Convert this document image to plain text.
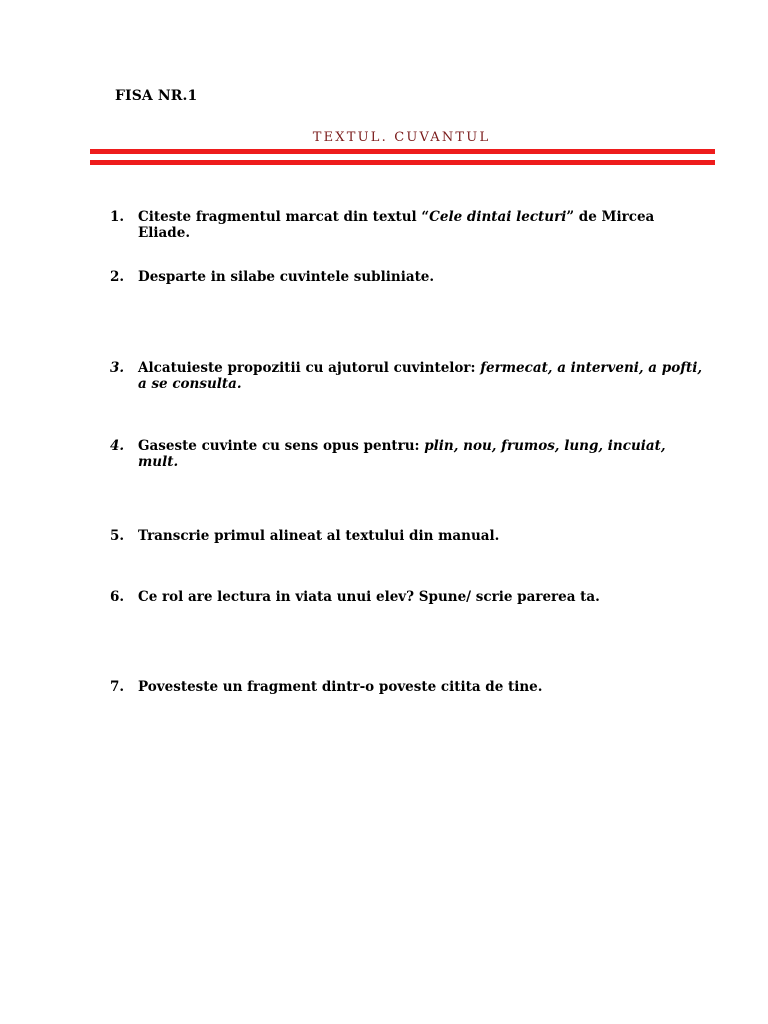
FISA NR.1
TEXTUL. CUVANTUL
1.	Citeste fragmentul marcat din textul “Cele dintai lecturi” de Mircea Eliade.
2.	Desparte in silabe cuvintele subliniate.
3.	Alcatuieste propozitii cu ajutorul cuvintelor: fermecat, a interveni, a pofti, a se consulta.
4.	Gaseste cuvinte cu sens opus pentru: plin, nou, frumos, lung, incuiat, mult.
5.	Transcrie primul alineat al textului din manual.
6.	Ce rol are lectura in viata unui elev? Spune/ scrie parerea ta.
7.	Povesteste un fragment dintr-o poveste citita de tine.
